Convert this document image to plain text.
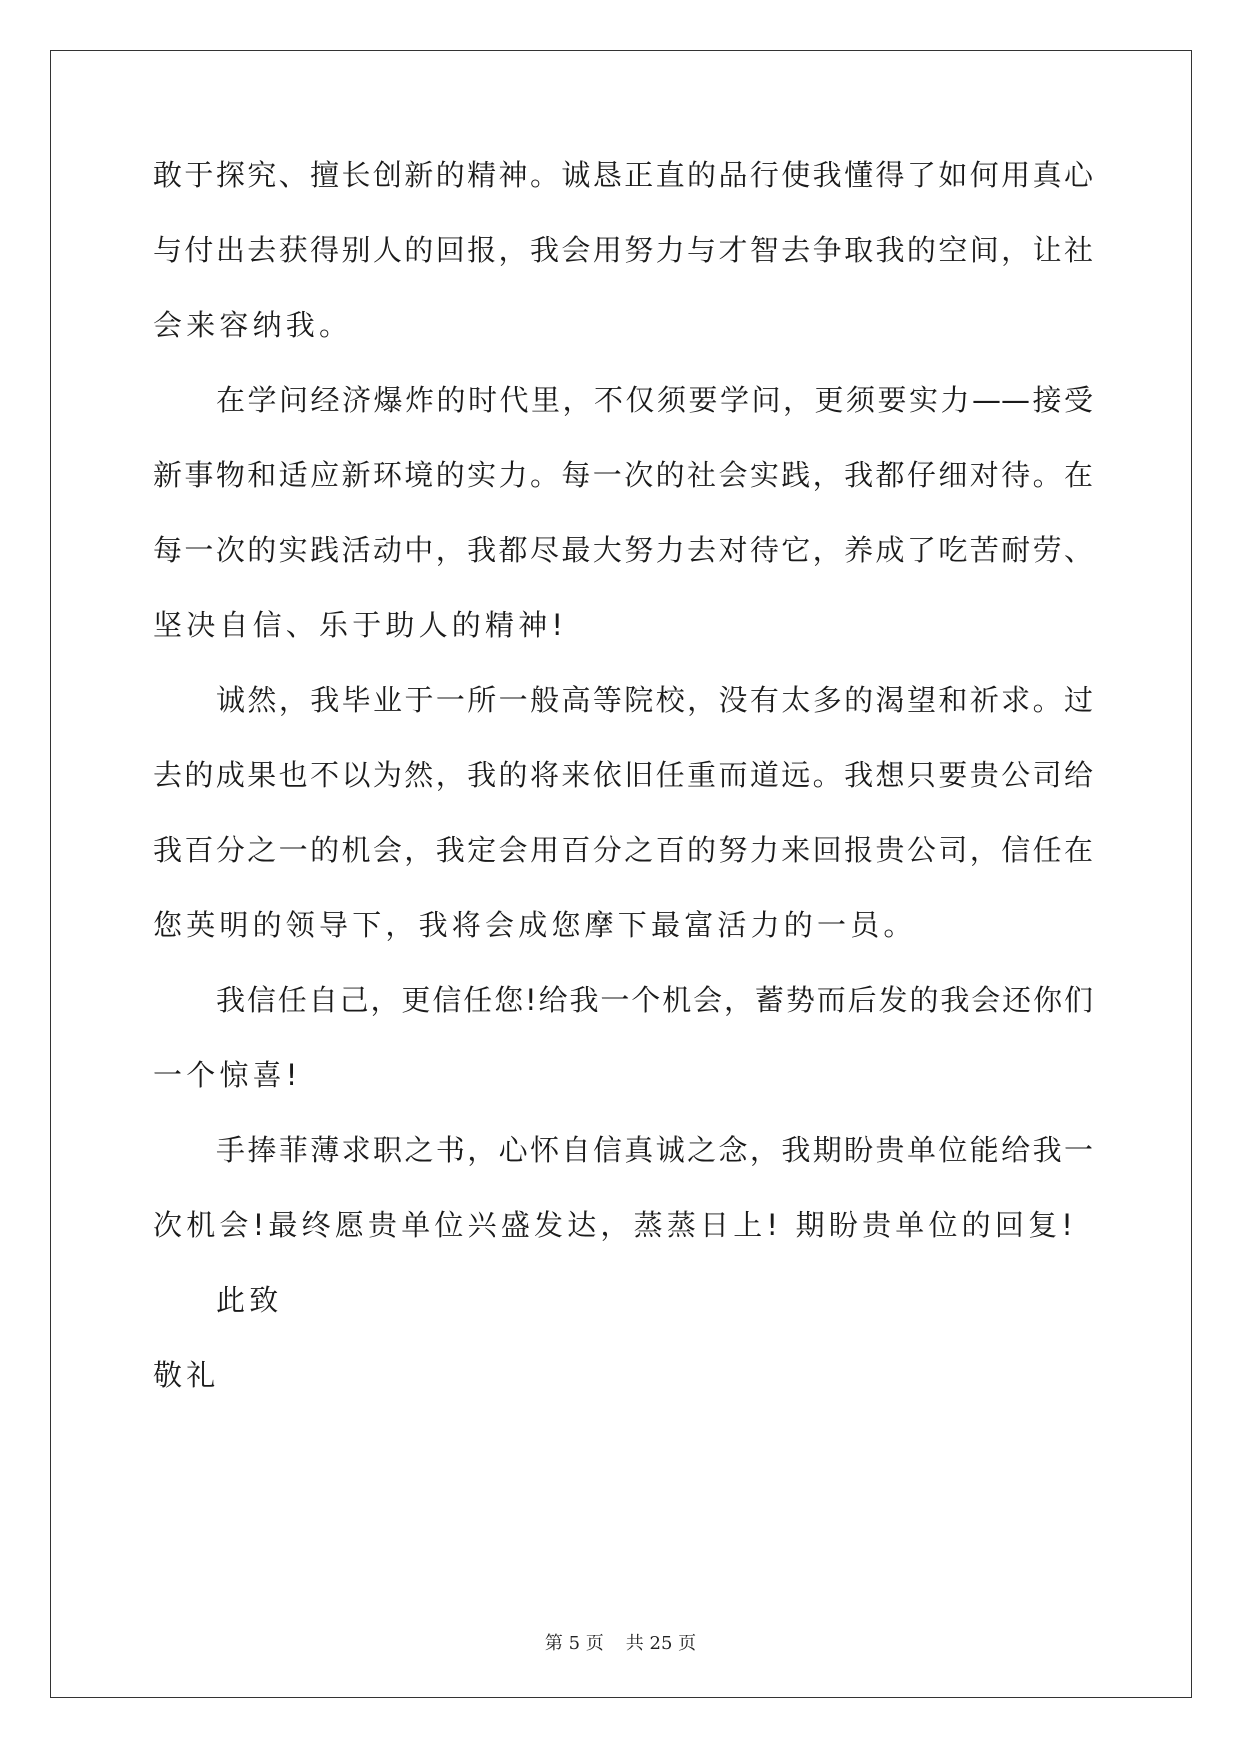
敢于探究、擅长创新的精神。诚恳正直的品行使我懂得了如何用真心
与付出去获得别人的回报，我会用努力与才智去争取我的空间，让社
会来容纳我。
在学问经济爆炸的时代里，不仅须要学问，更须要实力——接受
新事物和适应新环境的实力。每一次的社会实践，我都仔细对待。在
每一次的实践活动中，我都尽最大努力去对待它，养成了吃苦耐劳、
坚决自信、乐于助人的精神!
诚然，我毕业于一所一般高等院校，没有太多的渴望和祈求。过
去的成果也不以为然，我的将来依旧任重而道远。我想只要贵公司给
我百分之一的机会，我定会用百分之百的努力来回报贵公司，信任在
您英明的领导下，我将会成您摩下最富活力的一员。
我信任自己，更信任您!给我一个机会，蓄势而后发的我会还你们
一个惊喜!
手捧菲薄求职之书，心怀自信真诚之念，我期盼贵单位能给我一
次机会!最终愿贵单位兴盛发达，蒸蒸日上! 期盼贵单位的回复!
此致
敬礼
第 5 页 共 25 页
